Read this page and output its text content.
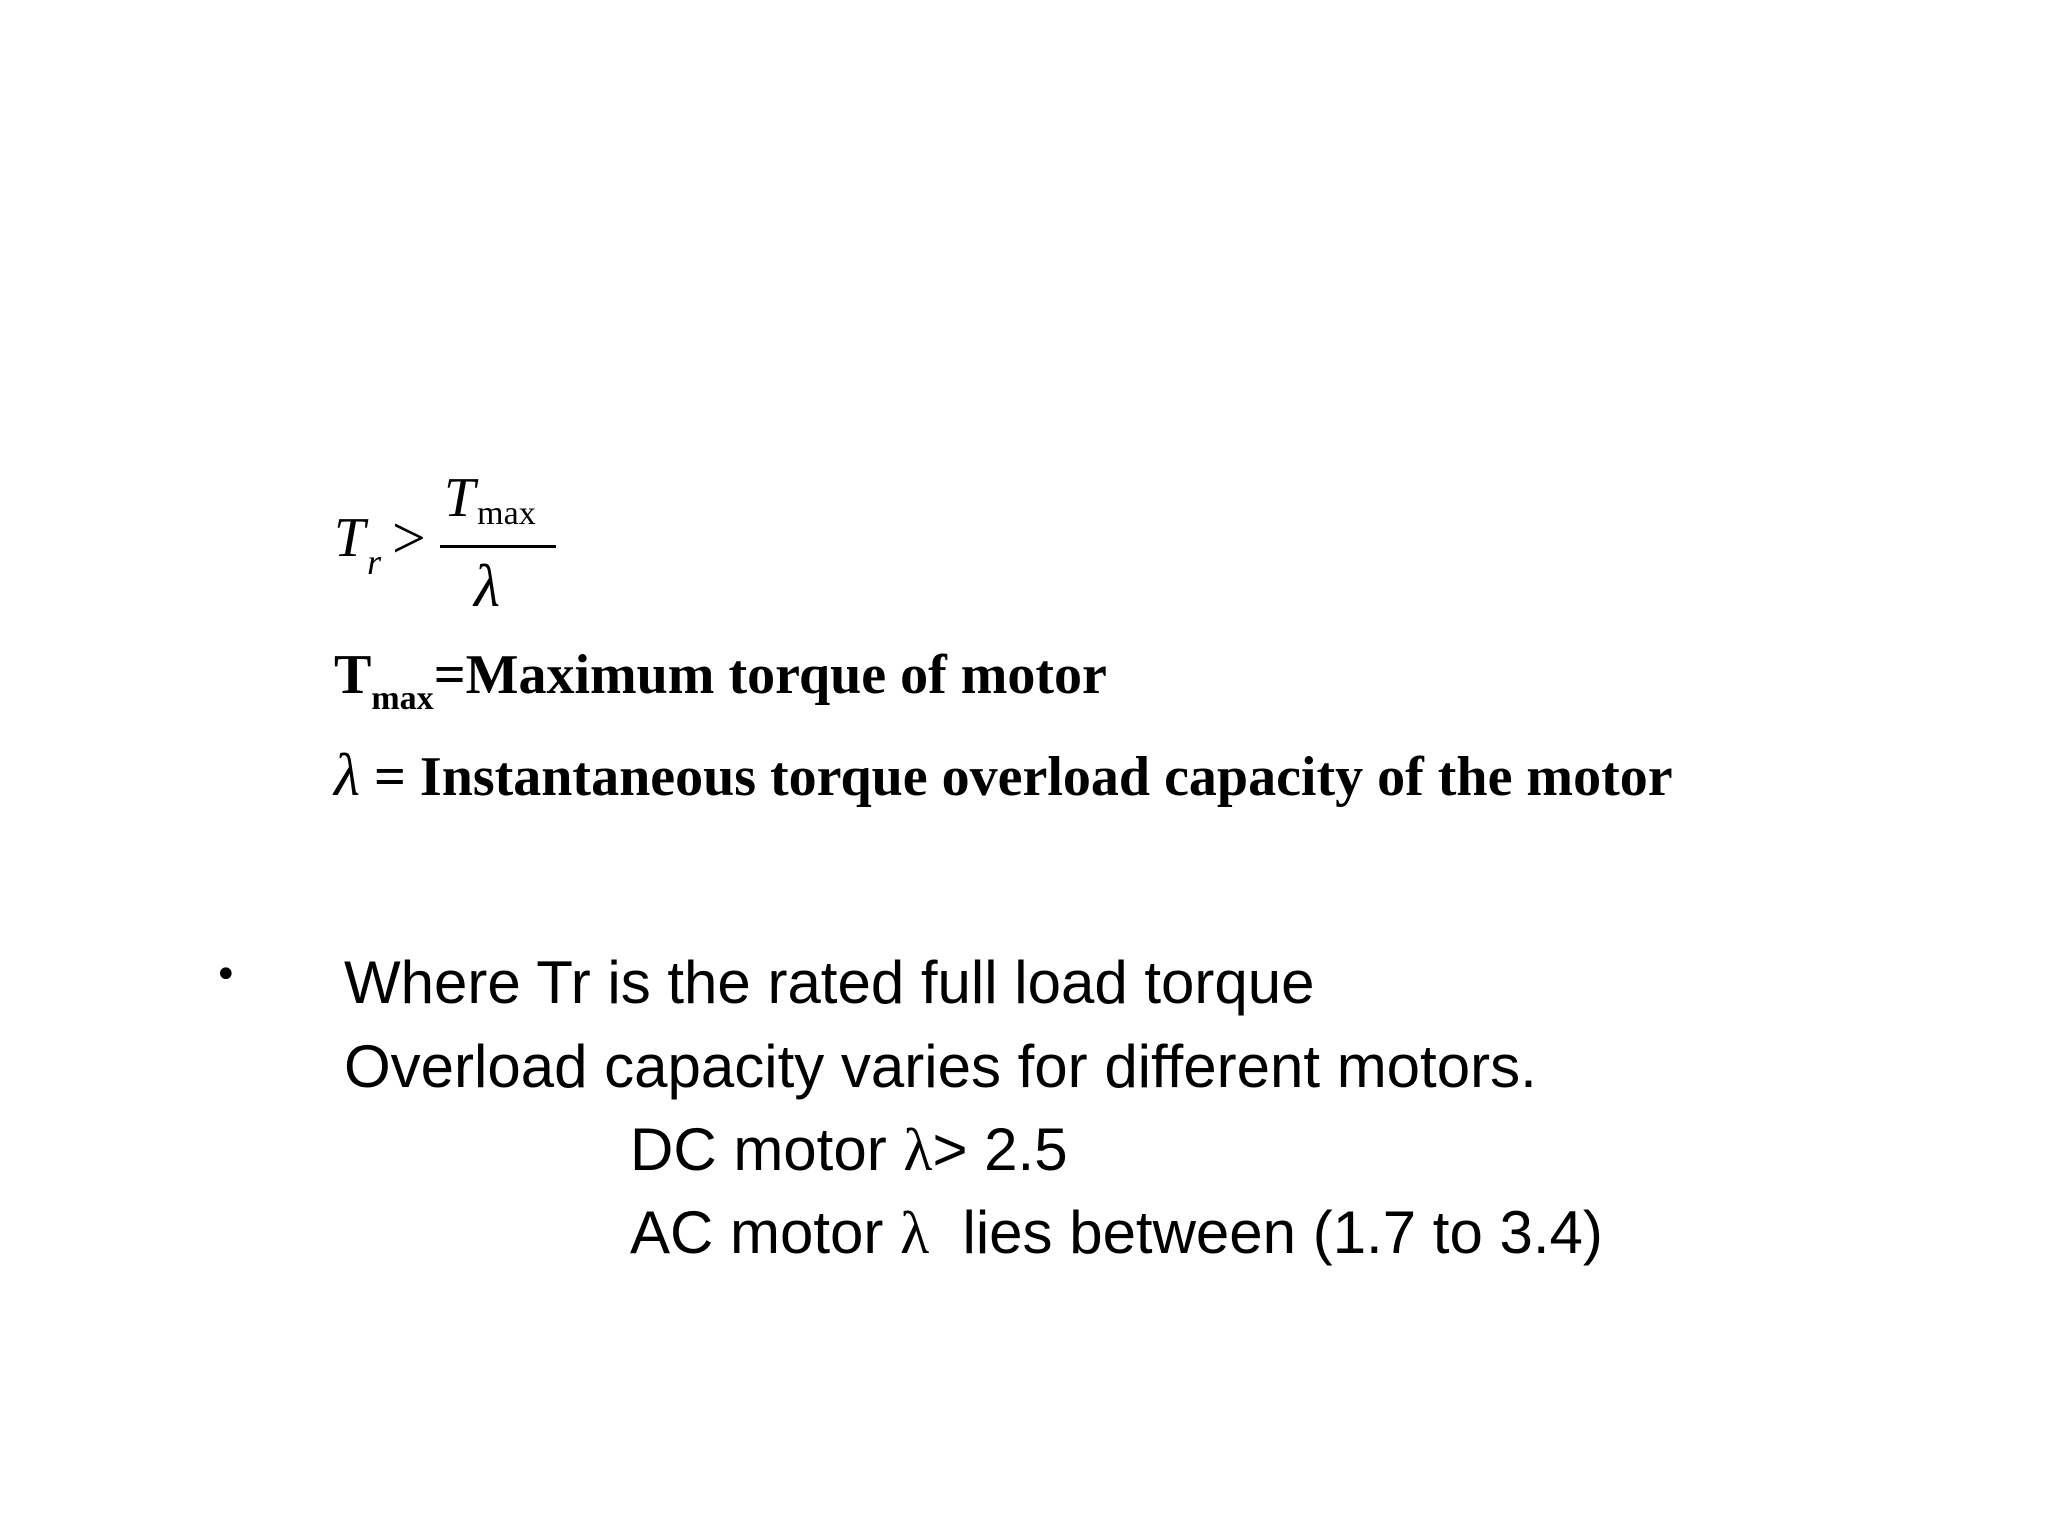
$T_r$ >
Tmax
λ
$T_{max}=Maximum$ torque of motor
λ = Instantaneous torque overload capacity of the motor
• Where Tr is the rated full load torque
Overload capacity varies for different motors.
DC motor λ> 2.5
AC motor λ  lies between (1.7 to 3.4)
